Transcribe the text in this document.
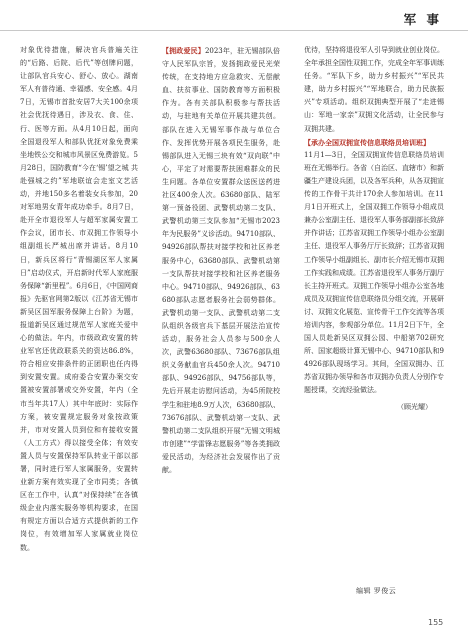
军 事

对象优待措施，解决官兵普遍关注的“后路、后院、后代”等创牌问题，让部队官兵安心、舒心、放心。湖南军人有普待通、幸福感、安全感。4月7日，无锡市首批安居7大关100余项社会优抚待遇日，涉及衣、食、住、行、医等方面。从4月10日起，面向全国退役军人和部队优抚对象免费乘坐地铁公交和城市风景区免费游览。5月28日，国防教育“今在‘锡’望之城 共赴强城之约”军地联谊会走室文艺活动，并地150多名着装女兵参加，20对军地男女青年成功牵手。8月7日，赴开全市退役军人与超军家属安置工作会议，团市长、市双拥工作领导小组副组长严城出席并讲话。8月10日，新兵区将行“青锡湖区军人家属日”启动仪式，开启新时代军人家庭服务保障“新里程”。6月6日，《中国网商报》先驱官网第2版以《江苏省无锡市新吴区国军服务保障上台阶》为题，报道新吴区通过规范军人家庭关爱中心的做法。年内，市级政政安置的转业军官还优政联系关的资达86.8%，符合相应安排条件的正团职也任内得到安置安置。成府委合安置办案交安置被安置部署或交外安置，年内（全市当年共17人）其中年底时：实际作方案，被安置规定服务对象按政策并，市对安置人员到位和有接收安置（人工方式）得以接受全体；有效安置人员与安置保持军队转业干部以部署，同时进行军人家属服务，安置转业新方案有效实现了全市同类；各镇区在工作中，认真“对保持续”在各镇级企业内落实服务等机构要求，在国有规定方面以合适方式提供新的工作岗位，有效增加军人家属就业岗位数。

【拥政爱民】2023年，驻无锡部队倍守人民军队宗旨，发扬拥政爱民光荣传统，在支持地方应急救灾、无偿献血、扶贫事业、国防教育等方面积极作为。各有关部队积极参与帮扶活动，与驻地有关单位开展共建共创。部队在进入无锡军事作战与单位合作、发挥优势开展各项民生服务，赴锡部队进入无锡三块有效“双向联”中心，平定了对需要帮扶困难群众的民生问题。各单位安置群众送医送药进社区400余人次。63680部队、陆军第一预备役团、武警机动第二支队、武警机动第三支队参加“无锡市2023年为民服务”义诊活动。94710部队、94926部队帮扶对接学校和社区养老服务中心，63680部队、武警机动第一支队帮扶对接学校和社区养老服务中心。94710部队、94926部队、63680部队志愿者服务社会弱势群体。武警机动第一支队、武警机动第二支队组织各级官兵下基层开展法治宣传活动，服务社会人员参与500余人次，武警63680部队、73676部队组织义务献血官兵450余人次。94710部队、94926部队、94756部队等，先后开展走访慰问活动，为45所院校学生和驻地8.9万人次，63680部队、73676部队、武警机动第一支队、武警机动第二支队组织开展“无锡文明城市创建”“学雷锋志愿服务”等各类拥政爱民活动，为经济社会发展作出了贡献。

优待，坚持将退役军人引导到就业创业岗位。全年承担全国性双拥工作，完成全年军事训练任务。“军队下乡，助力乡村振兴”“军民共建，助力乡村振兴”“军地联合，助力民族振兴”专项活动。组织双拥典型开展了“走进锡山：军地一家亲”双拥文化活动，让全民参与双拥共建。

【承办全国双拥宣传信息联络员培训班】

11月1—3日，全国双拥宣传信息联络员培训班在无锡举行。各省（自治区、直辖市）和新疆生产建设兵团，以及各军兵种，从各双拥宣传的工作骨干共计170余人参加培训。在11月1日开班式上，全国双拥工作领导小组成员兼办公室副主任、退役军人事务部副部长致辞并作讲话；江苏省双拥工作领导小组办公室副主任、退役军人事务厅厅长致辞；江苏省双拥工作领导小组副组长、副市长介绍无锡市双拥工作实践和成绩。江苏省退役军人事务厅副厅长主持开班式。双拥工作领导小组办公室各地成员及双拥宣传信息联络员分组交流，开展研讨、双拥文化展览、宣传骨干工作交流等各项培训内容，参观部分单位。11月2日下午，全国人员赴新吴区双拥公园、中船第702研究所、国家超级计算无锡中心、94710部队和94926部队现场学习。其间，全国双拥办、江苏省双拥办领导和各市双拥办负责人分别作专题授课，交流经验做法。

（顾光耀）

编辑 罗俊云
155
